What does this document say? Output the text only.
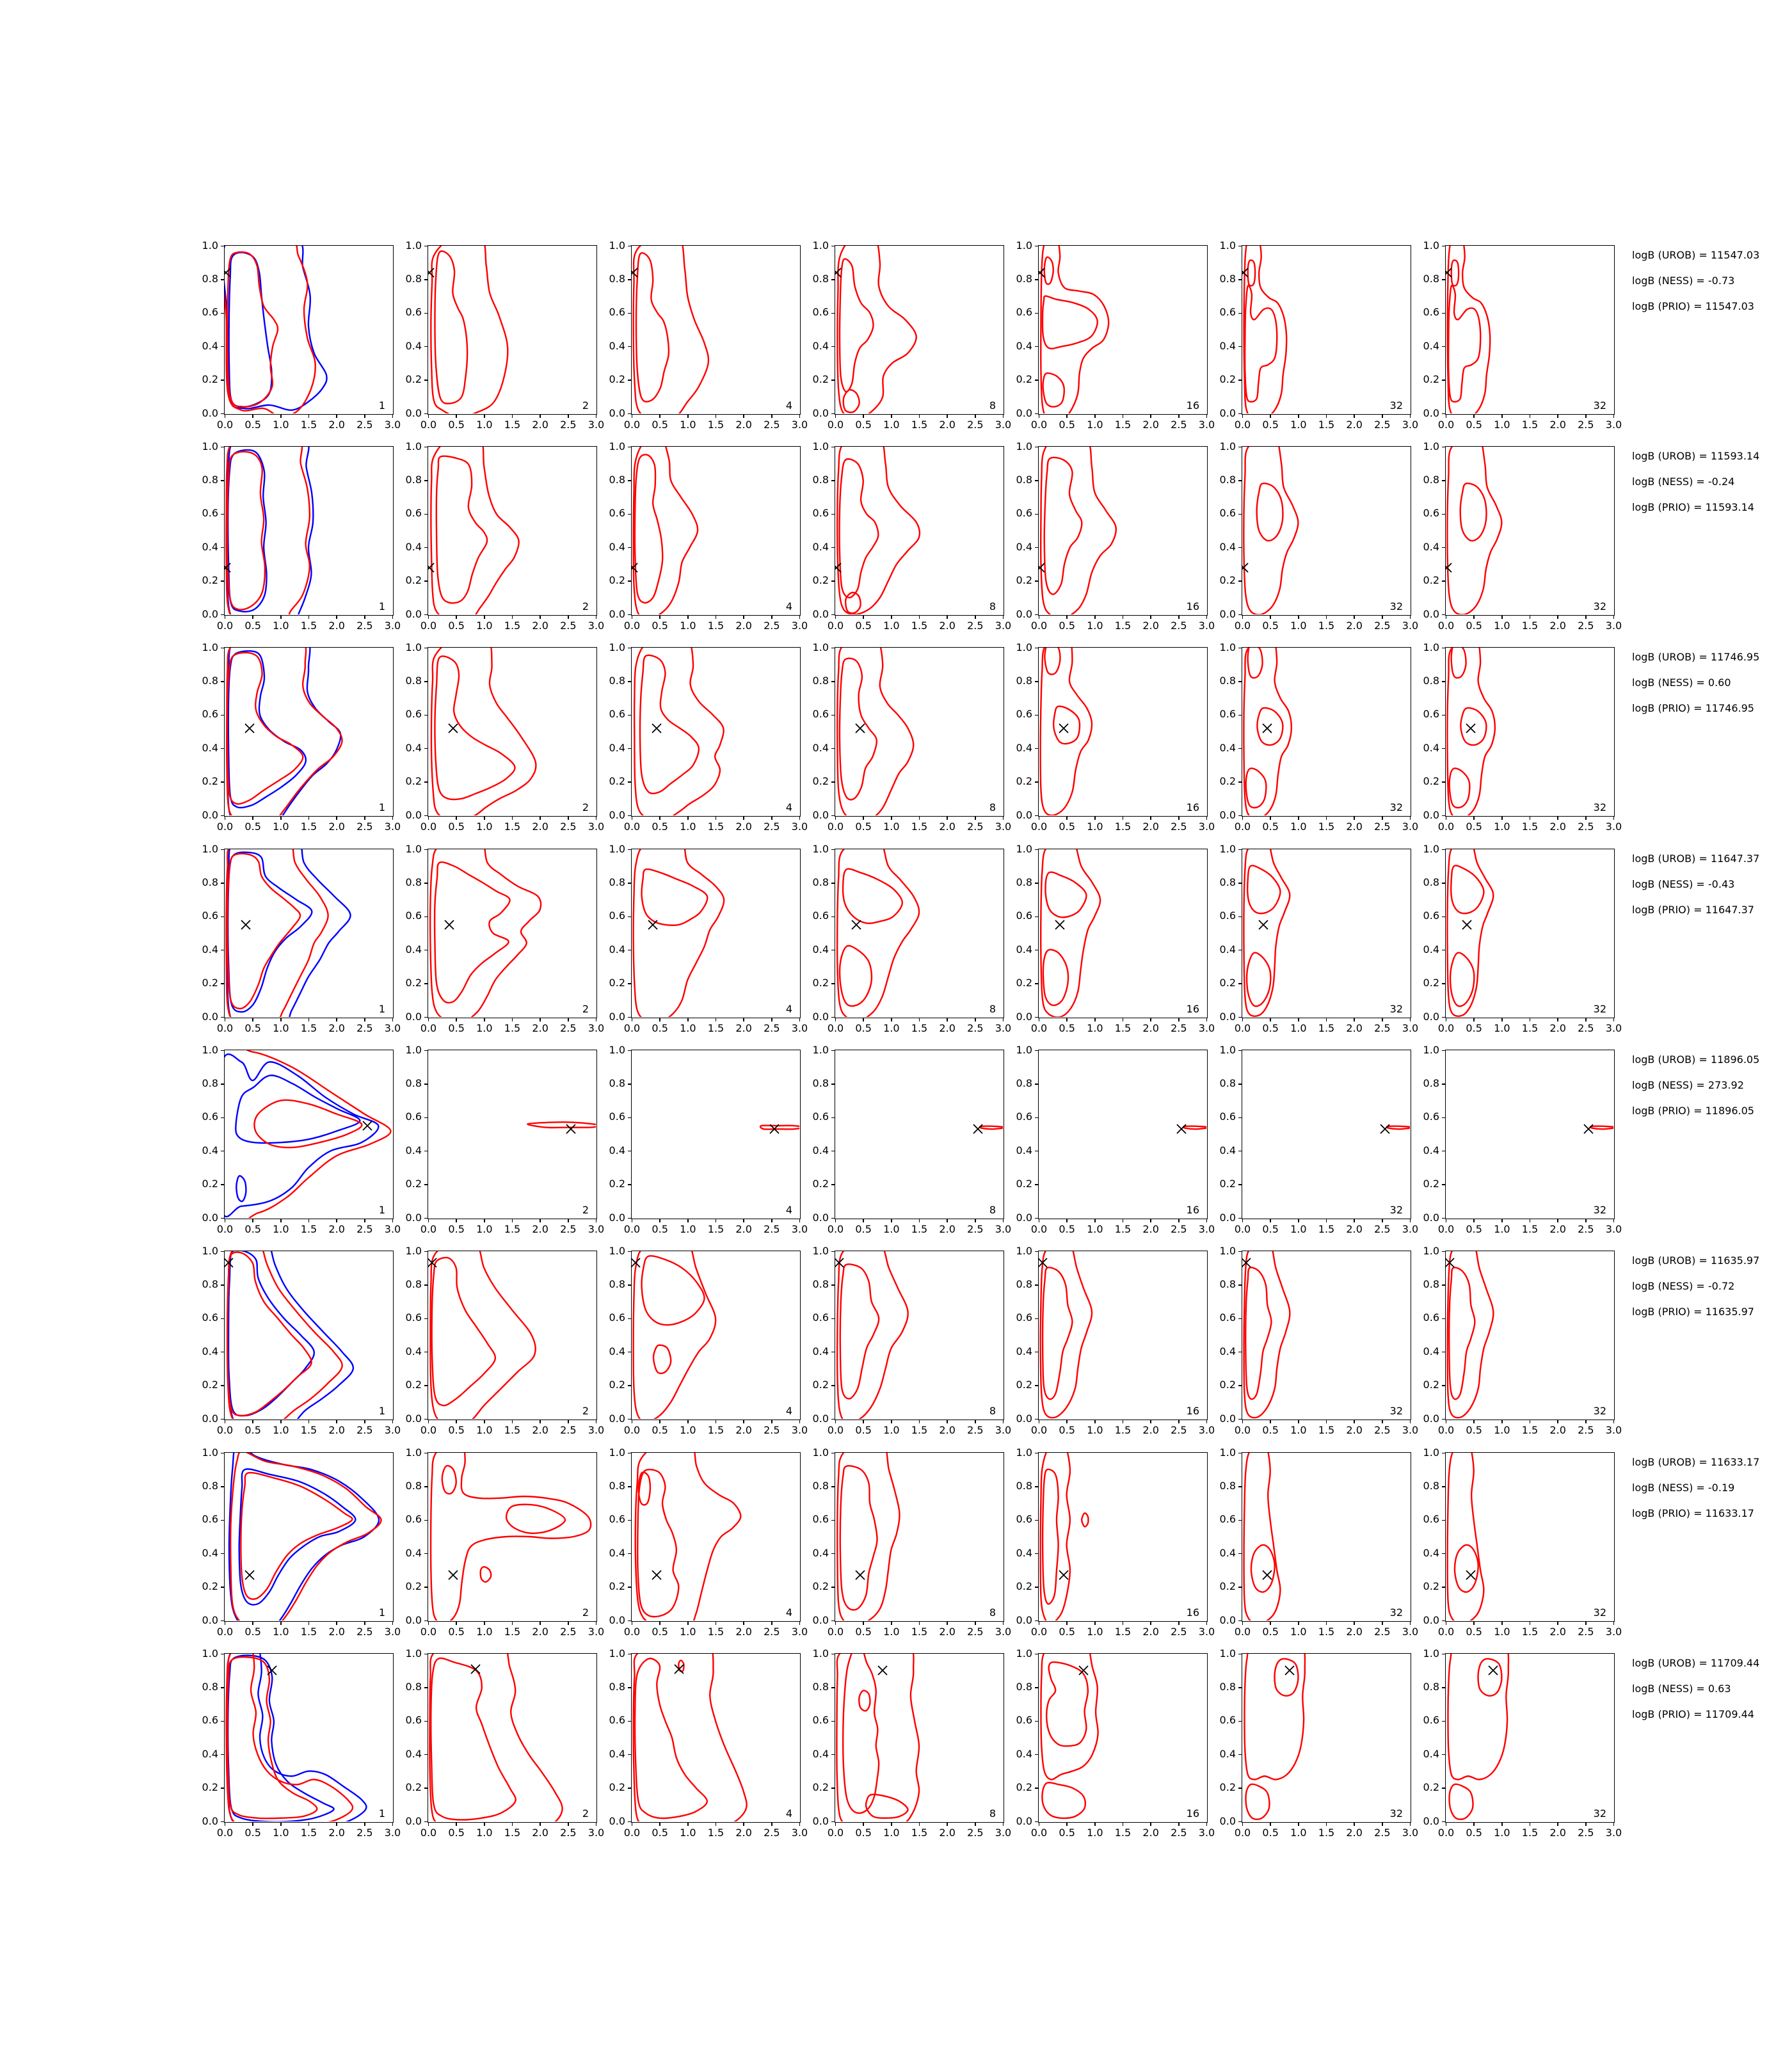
1
0.0	0.5	1.0	1.5	2.0	2.5	3.0
0.0
0.2
0.4
0.6
0.8
1.0
2
0.0	0.5	1.0	1.5	2.0	2.5	3.0
0.0
0.2
0.4
0.6
0.8
1.0
4
0.0	0.5	1.0	1.5	2.0	2.5	3.0
0.0
0.2
0.4
0.6
0.8
1.0
8
0.0	0.5	1.0	1.5	2.0	2.5	3.0
0.0
0.2
0.4
0.6
0.8
1.0
16
0.0	0.5	1.0	1.5	2.0	2.5	3.0
0.0
0.2
0.4
0.6
0.8
1.0
32
0.0	0.5	1.0	1.5	2.0	2.5	3.0
0.0
0.2
0.4
0.6
0.8
1.0
32
0.0	0.5	1.0	1.5	2.0	2.5	3.0
0.0
0.2
0.4
0.6
0.8
1.0
logB (UROB) = 11547.03
logB (NESS) = -0.73
logB (PRIO) = 11547.03
1
0.0	0.5	1.0	1.5	2.0	2.5	3.0
0.0
0.2
0.4
0.6
0.8
1.0
2
0.0	0.5	1.0	1.5	2.0	2.5	3.0
0.0
0.2
0.4
0.6
0.8
1.0
4
0.0	0.5	1.0	1.5	2.0	2.5	3.0
0.0
0.2
0.4
0.6
0.8
1.0
8
0.0	0.5	1.0	1.5	2.0	2.5	3.0
0.0
0.2
0.4
0.6
0.8
1.0
16
0.0	0.5	1.0	1.5	2.0	2.5	3.0
0.0
0.2
0.4
0.6
0.8
1.0
32
0.0	0.5	1.0	1.5	2.0	2.5	3.0
0.0
0.2
0.4
0.6
0.8
1.0
32
0.0	0.5	1.0	1.5	2.0	2.5	3.0
0.0
0.2
0.4
0.6
0.8
1.0
logB (UROB) = 11593.14
logB (NESS) = -0.24
logB (PRIO) = 11593.14
1
0.0	0.5	1.0	1.5	2.0	2.5	3.0
0.0
0.2
0.4
0.6
0.8
1.0
2
0.0	0.5	1.0	1.5	2.0	2.5	3.0
0.0
0.2
0.4
0.6
0.8
1.0
4
0.0	0.5	1.0	1.5	2.0	2.5	3.0
0.0
0.2
0.4
0.6
0.8
1.0
8
0.0	0.5	1.0	1.5	2.0	2.5	3.0
0.0
0.2
0.4
0.6
0.8
1.0
16
0.0	0.5	1.0	1.5	2.0	2.5	3.0
0.0
0.2
0.4
0.6
0.8
1.0
32
0.0	0.5	1.0	1.5	2.0	2.5	3.0
0.0
0.2
0.4
0.6
0.8
1.0
32
0.0	0.5	1.0	1.5	2.0	2.5	3.0
0.0
0.2
0.4
0.6
0.8
1.0
logB (UROB) = 11746.95
logB (NESS) = 0.60
logB (PRIO) = 11746.95
1
0.0	0.5	1.0	1.5	2.0	2.5	3.0
0.0
0.2
0.4
0.6
0.8
1.0
2
0.0	0.5	1.0	1.5	2.0	2.5	3.0
0.0
0.2
0.4
0.6
0.8
1.0
4
0.0	0.5	1.0	1.5	2.0	2.5	3.0
0.0
0.2
0.4
0.6
0.8
1.0
8
0.0	0.5	1.0	1.5	2.0	2.5	3.0
0.0
0.2
0.4
0.6
0.8
1.0
16
0.0	0.5	1.0	1.5	2.0	2.5	3.0
0.0
0.2
0.4
0.6
0.8
1.0
32
0.0	0.5	1.0	1.5	2.0	2.5	3.0
0.0
0.2
0.4
0.6
0.8
1.0
32
0.0	0.5	1.0	1.5	2.0	2.5	3.0
0.0
0.2
0.4
0.6
0.8
1.0
logB (UROB) = 11647.37
logB (NESS) = -0.43
logB (PRIO) = 11647.37
1
0.0	0.5	1.0	1.5	2.0	2.5	3.0
0.0
0.2
0.4
0.6
0.8
1.0
2
0.0	0.5	1.0	1.5	2.0	2.5	3.0
0.0
0.2
0.4
0.6
0.8
1.0
4
0.0	0.5	1.0	1.5	2.0	2.5	3.0
0.0
0.2
0.4
0.6
0.8
1.0
8
0.0	0.5	1.0	1.5	2.0	2.5	3.0
0.0
0.2
0.4
0.6
0.8
1.0
16
0.0	0.5	1.0	1.5	2.0	2.5	3.0
0.0
0.2
0.4
0.6
0.8
1.0
32
0.0	0.5	1.0	1.5	2.0	2.5	3.0
0.0
0.2
0.4
0.6
0.8
1.0
32
0.0	0.5	1.0	1.5	2.0	2.5	3.0
0.0
0.2
0.4
0.6
0.8
1.0
logB (UROB) = 11896.05
logB (NESS) = 273.92
logB (PRIO) = 11896.05
1
0.0	0.5	1.0	1.5	2.0	2.5	3.0
0.0
0.2
0.4
0.6
0.8
1.0
2
0.0	0.5	1.0	1.5	2.0	2.5	3.0
0.0
0.2
0.4
0.6
0.8
1.0
4
0.0	0.5	1.0	1.5	2.0	2.5	3.0
0.0
0.2
0.4
0.6
0.8
1.0
8
0.0	0.5	1.0	1.5	2.0	2.5	3.0
0.0
0.2
0.4
0.6
0.8
1.0
16
0.0	0.5	1.0	1.5	2.0	2.5	3.0
0.0
0.2
0.4
0.6
0.8
1.0
32
0.0	0.5	1.0	1.5	2.0	2.5	3.0
0.0
0.2
0.4
0.6
0.8
1.0
32
0.0	0.5	1.0	1.5	2.0	2.5	3.0
0.0
0.2
0.4
0.6
0.8
1.0
logB (UROB) = 11635.97
logB (NESS) = -0.72
logB (PRIO) = 11635.97
1
0.0	0.5	1.0	1.5	2.0	2.5	3.0
0.0
0.2
0.4
0.6
0.8
1.0
2
0.0	0.5	1.0	1.5	2.0	2.5	3.0
0.0
0.2
0.4
0.6
0.8
1.0
4
0.0	0.5	1.0	1.5	2.0	2.5	3.0
0.0
0.2
0.4
0.6
0.8
1.0
8
0.0	0.5	1.0	1.5	2.0	2.5	3.0
0.0
0.2
0.4
0.6
0.8
1.0
16
0.0	0.5	1.0	1.5	2.0	2.5	3.0
0.0
0.2
0.4
0.6
0.8
1.0
32
0.0	0.5	1.0	1.5	2.0	2.5	3.0
0.0
0.2
0.4
0.6
0.8
1.0
32
0.0	0.5	1.0	1.5	2.0	2.5	3.0
0.0
0.2
0.4
0.6
0.8
1.0
logB (UROB) = 11633.17
logB (NESS) = -0.19
logB (PRIO) = 11633.17
1
0.0	0.5	1.0	1.5	2.0	2.5	3.0
0.0
0.2
0.4
0.6
0.8
1.0
2
0.0	0.5	1.0	1.5	2.0	2.5	3.0
0.0
0.2
0.4
0.6
0.8
1.0
4
0.0	0.5	1.0	1.5	2.0	2.5	3.0
0.0
0.2
0.4
0.6
0.8
1.0
8
0.0	0.5	1.0	1.5	2.0	2.5	3.0
0.0
0.2
0.4
0.6
0.8
1.0
16
0.0	0.5	1.0	1.5	2.0	2.5	3.0
0.0
0.2
0.4
0.6
0.8
1.0
32
0.0	0.5	1.0	1.5	2.0	2.5	3.0
0.0
0.2
0.4
0.6
0.8
1.0
32
0.0	0.5	1.0	1.5	2.0	2.5	3.0
0.0
0.2
0.4
0.6
0.8
1.0
logB (UROB) = 11709.44
logB (NESS) = 0.63
logB (PRIO) = 11709.44
